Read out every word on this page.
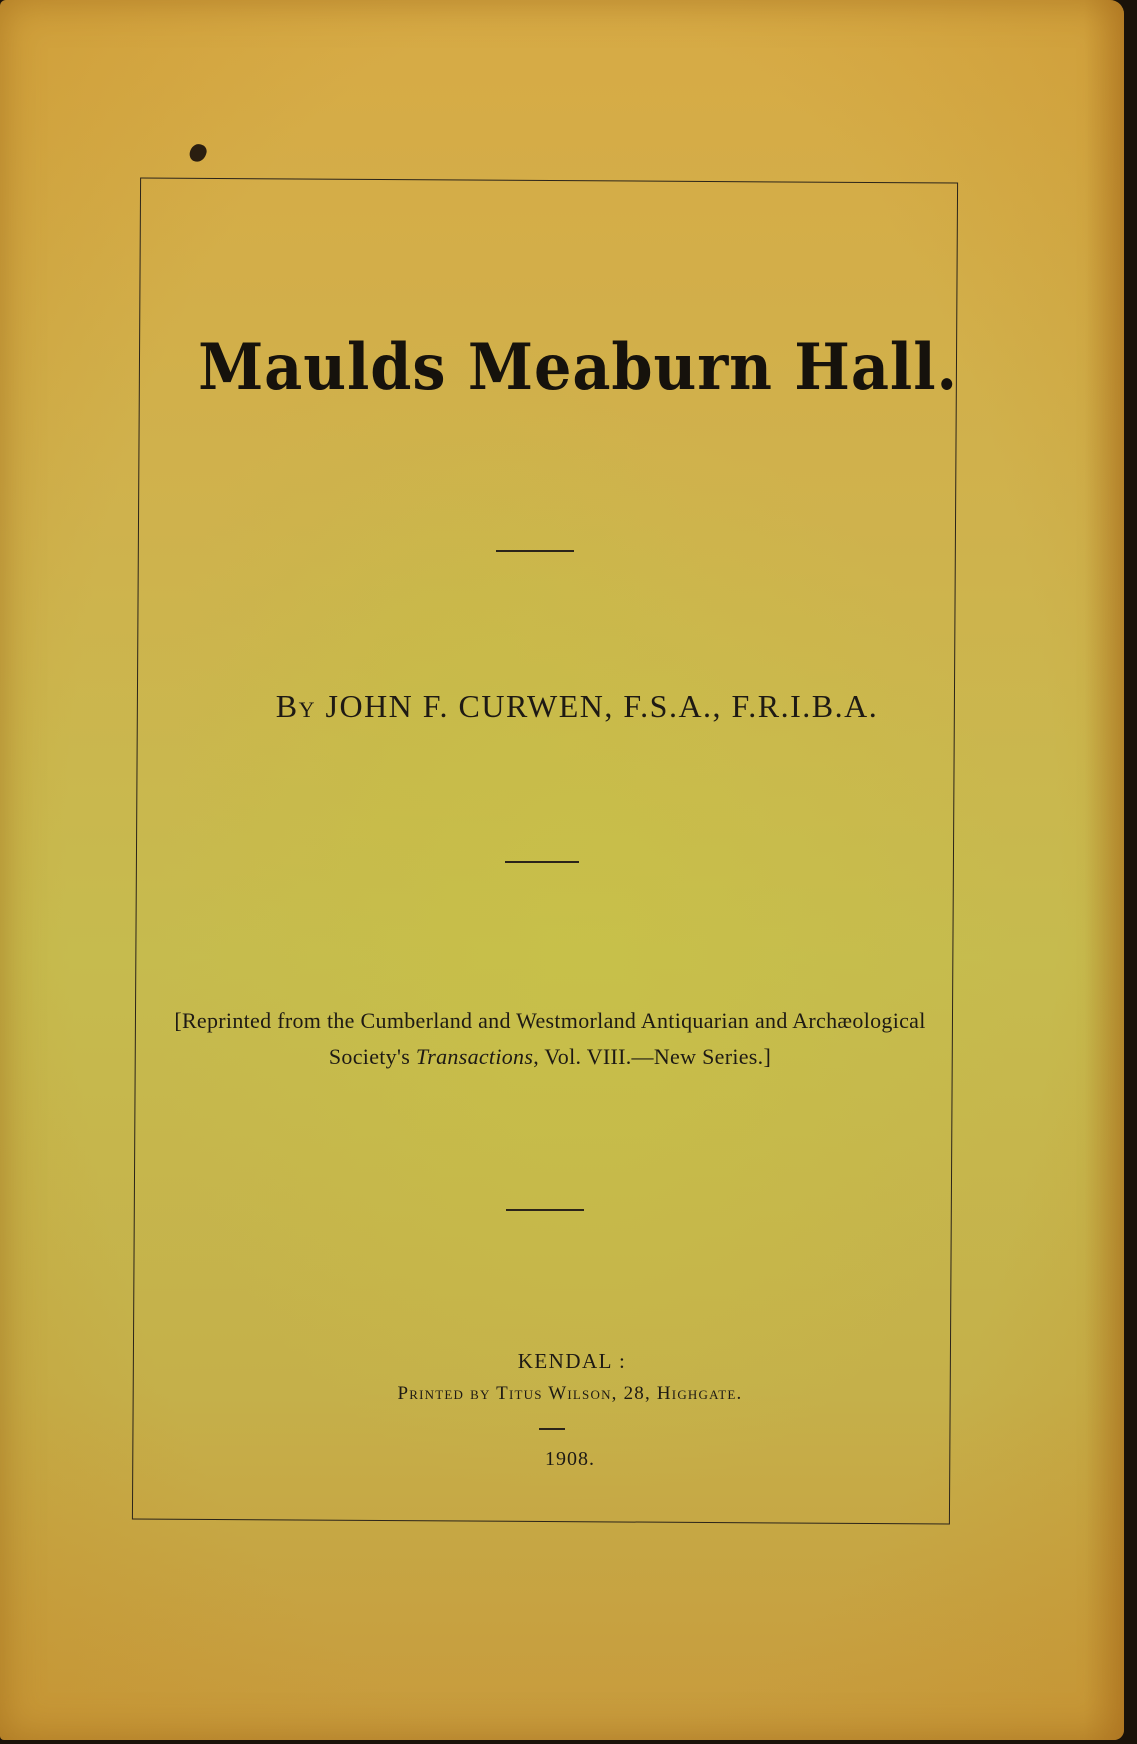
Maulds Meaburn Hall.
By JOHN F. CURWEN, F.S.A., F.R.I.B.A.
[Reprinted from the Cumberland and Westmorland Antiquarian and Archæological Society's Transactions, Vol. VIII.—New Series.]
KENDAL :
Printed by Titus Wilson, 28, Highgate.
1908.
